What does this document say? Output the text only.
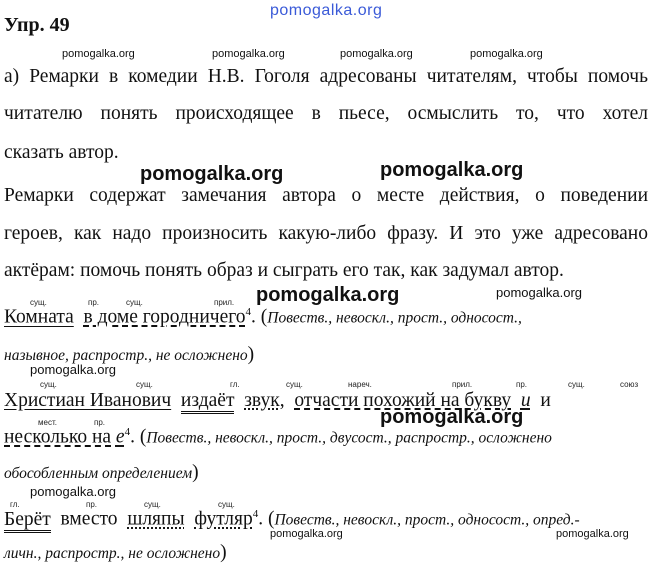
pomogalka.org
pomogalka.org	pomogalka.org	pomogalka.org	pomogalka.org
pomogalka.org	pomogalka.org
pomogalka.org	pomogalka.org
pomogalka.org
pomogalka.org
pomogalka.org
pomogalka.org	pomogalka.org
Упр. 49
а) Ремарки в комедии Н.В. Гоголя адресованы читателям, чтобы помочь
читателю понять происходящее в пьесе, осмыслить то, что хотел
сказать автор.
Ремарки содержат замечания автора о месте действия, о поведении
героев, как надо произносить какую-либо фразу. И это уже адресовано
актёрам: помочь понять образ и сыграть его так, как задумал автор.
сущ.	пр.	сущ.	прил.
Комната в доме городничего$^4$. (Повеств., невоскл., прост., односост.,
назывное, распростр., не осложнено)
сущ.	сущ.	гл.	сущ.	нареч.	прил.	пр.	сущ.	союз
мест.	пр.
Христиан Иванович издаёт звук, отчасти похожий на букву и и
несколько на $е^4$. (Повеств., невоскл., прост., двусост., распростр., осложнено
обособленным определением)
гл.	пр.	сущ.	сущ.
Берёт вместо шляпы футляр$^4$. (Повеств., невоскл., прост., односост., опред.-
личн., распростр., не осложнено)
